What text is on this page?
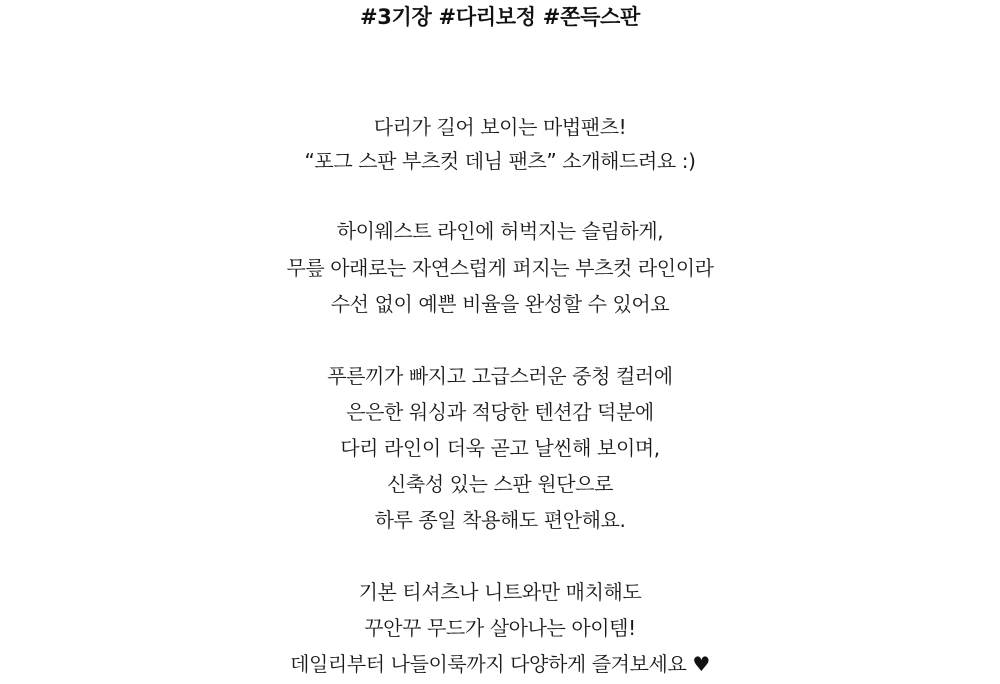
#3기장 #다리보정 #쫀득스판
다리가 길어 보이는 마법팬츠!
“포그 스판 부츠컷 데님 팬츠” 소개해드려요 :)
하이웨스트 라인에 허벅지는 슬림하게,
무릎 아래로는 자연스럽게 퍼지는 부츠컷 라인이라
수선 없이 예쁜 비율을 완성할 수 있어요
푸른끼가 빠지고 고급스러운 중청 컬러에
은은한 워싱과 적당한 텐션감 덕분에
다리 라인이 더욱 곧고 날씬해 보이며,
신축성 있는 스판 원단으로
하루 종일 착용해도 편안해요.
기본 티셔츠나 니트와만 매치해도
꾸안꾸 무드가 살아나는 아이템!
데일리부터 나들이룩까지 다양하게 즐겨보세요 ♥
